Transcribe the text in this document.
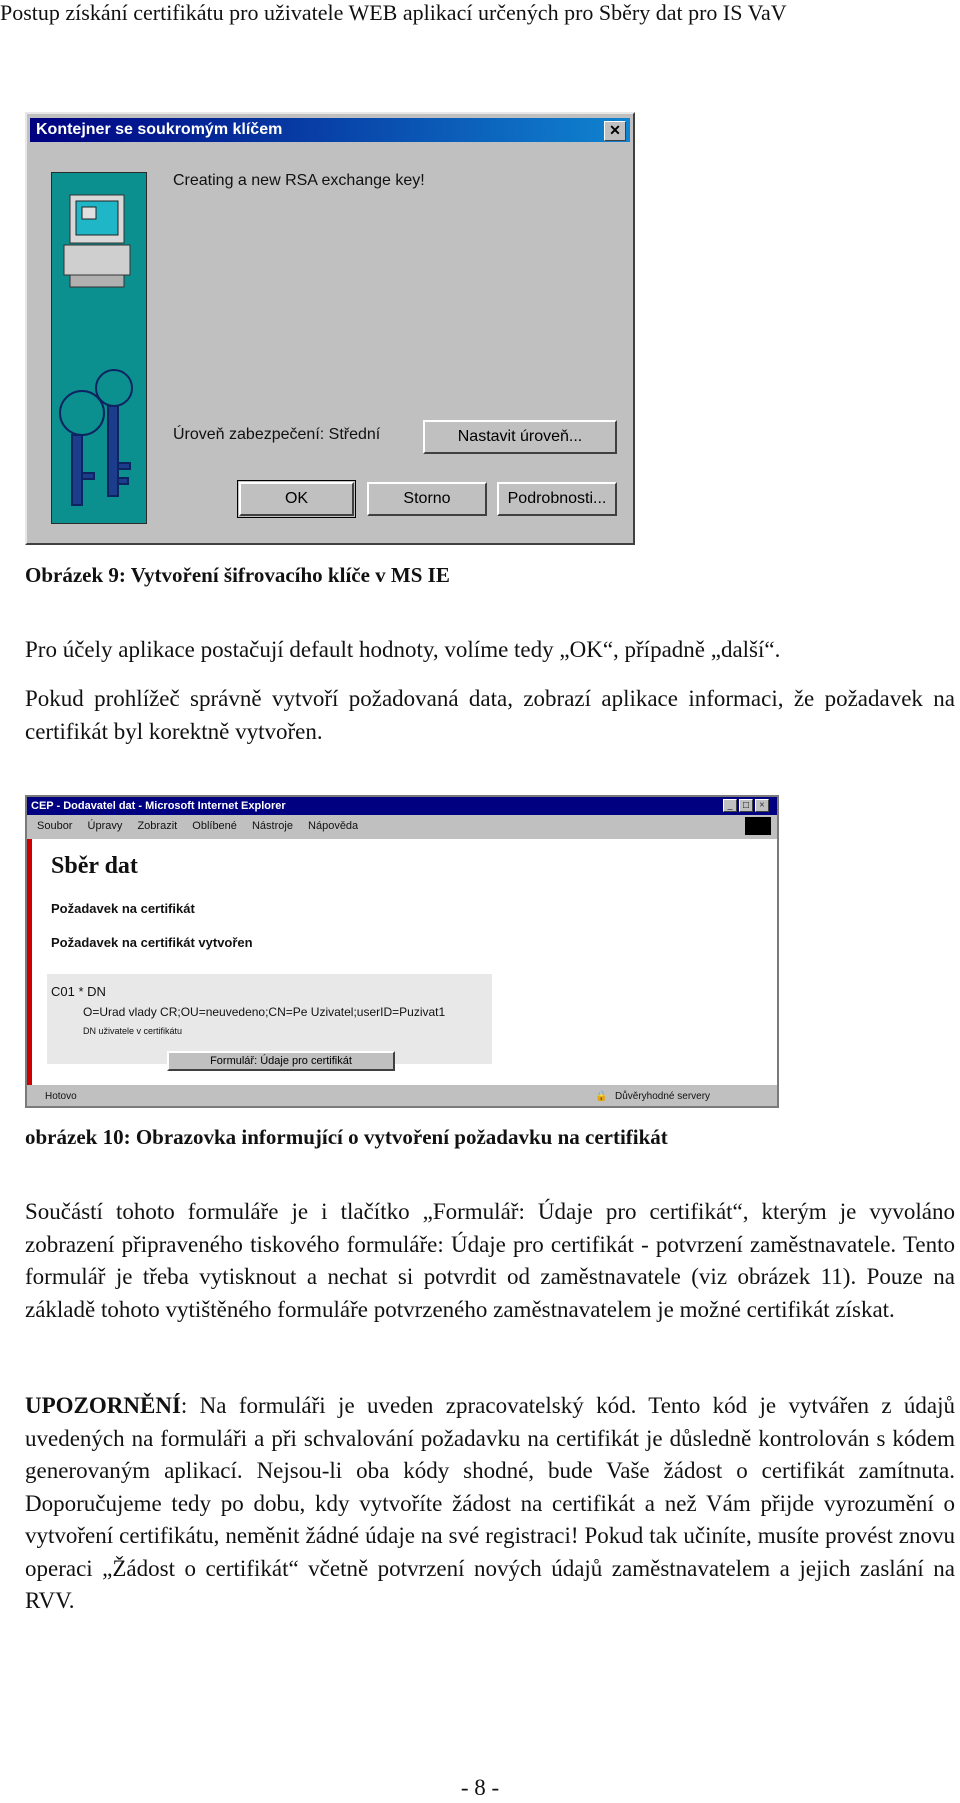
Postup získání certifikátu pro uživatele WEB aplikací určených pro Sběry dat pro IS VaV
Kontejner se soukromým klíčem	✕
Creating a new RSA exchange key!
Úroveň zabezpečení: Střední	Nastavit úroveň...
OK	Storno	Podrobnosti...
Obrázek 9: Vytvoření šifrovacího klíče v MS IE
Pro účely aplikace postačují default hodnoty, volíme tedy „OK“, případně „další“.
Pokud prohlížeč správně vytvoří požadovaná data, zobrazí aplikace informaci, že požadavek na certifikát byl korektně vytvořen.
CEP - Dodavatel dat - Microsoft Internet Explorer	_	□	×
Soubor Úpravy Zobrazit Oblíbené Nástroje Nápověda
Sběr dat
Požadavek na certifikát
Požadavek na certifikát vytvořen
C01 * DN
O=Urad vlady CR;OU=neuvedeno;CN=Pe Uzivatel;userID=Puzivat1
DN uživatele v certifikátu
Formulář: Údaje pro certifikát
Hotovo	🔒 Důvěryhodné servery
obrázek 10: Obrazovka informující o vytvoření požadavku na certifikát
Součástí tohoto formuláře je i tlačítko „Formulář: Údaje pro certifikát“, kterým je vyvoláno zobrazení připraveného tiskového formuláře: Údaje pro certifikát - potvrzení zaměstnavatele. Tento formulář je třeba vytisknout a nechat si potvrdit od zaměstnavatele (viz obrázek 11). Pouze na základě tohoto vytištěného formuláře potvrzeného zaměstnavatelem je možné certifikát získat.
UPOZORNĚNÍ: Na formuláři je uveden zpracovatelský kód. Tento kód je vytvářen z údajů uvedených na formuláři a při schvalování požadavku na certifikát je důsledně kontrolován s kódem generovaným aplikací. Nejsou-li oba kódy shodné, bude Vaše žádost o certifikát zamítnuta. Doporučujeme tedy po dobu, kdy vytvoříte žádost na certifikát a než Vám přijde vyrozumění o vytvoření certifikátu, neměnit žádné údaje na své registraci! Pokud tak učiníte, musíte provést znovu operaci „Žádost o certifikát“ včetně potvrzení nových údajů zaměstnavatelem a jejich zaslání na RVV.
- 8 -
